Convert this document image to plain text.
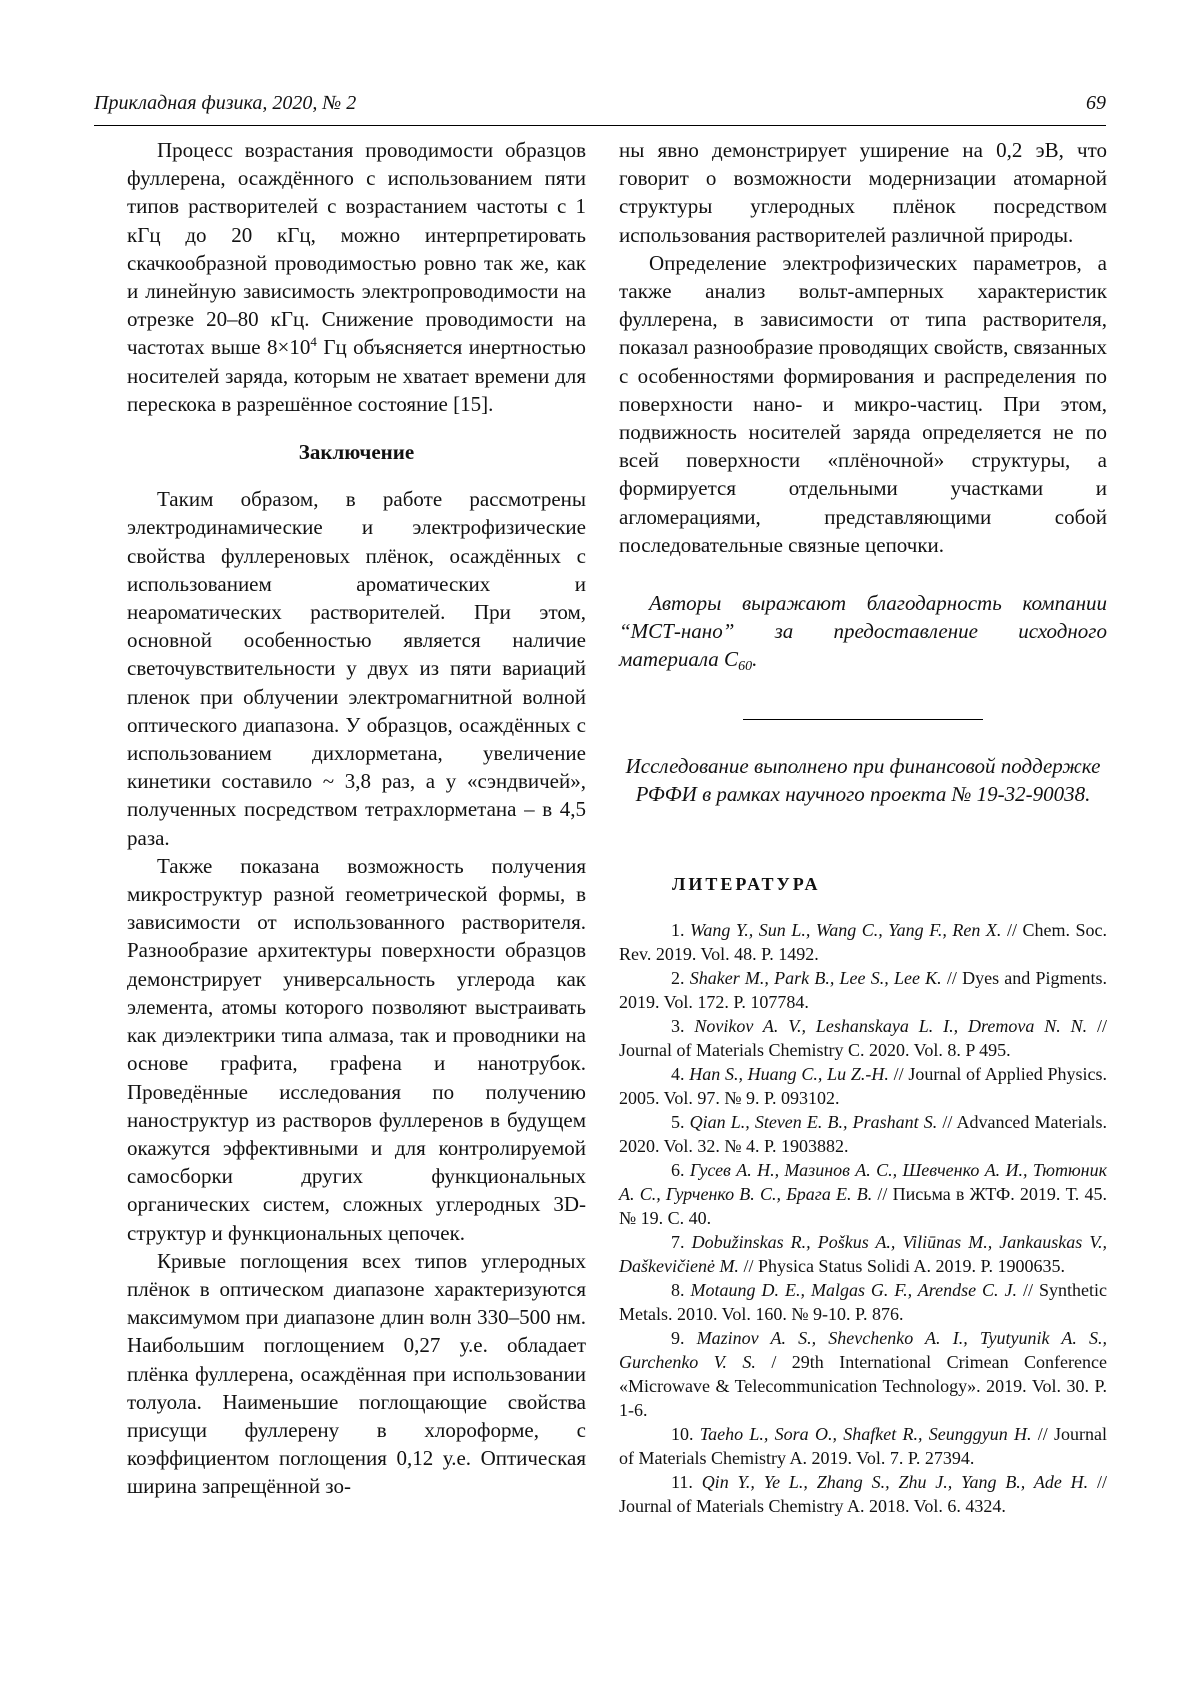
Прикладная физика, 2020, № 2	69

Процесс возрастания проводимости образцов фуллерена, осаждённого с использованием пяти типов растворителей с возрастанием частоты с 1 кГц до 20 кГц, можно интерпретировать скачкообразной проводимостью ровно так же, как и линейную зависимость электропроводимости на отрезке 20–80 кГц. Снижение проводимости на частотах выше $8\times 10^4$ Гц объясняется инертностью носителей заряда, которым не хватает времени для перескока в разрешённое состояние [15].

Заключение

Таким образом, в работе рассмотрены электродинамические и электрофизические свойства фуллереновых плёнок, осаждённых с использованием ароматических и неароматических растворителей. При этом, основной особенностью является наличие светочувствительности у двух из пяти вариаций пленок при облучении электромагнитной волной оптического диапазона. У образцов, осаждённых с использованием дихлорметана, увеличение кинетики составило ~ 3,8 раз, а у «сэндвичей», полученных посредством тетрахлорметана – в 4,5 раза.

Также показана возможность получения микроструктур разной геометрической формы, в зависимости от использованного растворителя. Разнообразие архитектуры поверхности образцов демонстрирует универсальность углерода как элемента, атомы которого позволяют выстраивать как диэлектрики типа алмаза, так и проводники на основе графита, графена и нанотрубок. Проведённые исследования по получению наноструктур из растворов фуллеренов в будущем окажутся эффективными и для контролируемой самосборки других функциональных органических систем, сложных углеродных 3D-структур и функциональных цепочек.

Кривые поглощения всех типов углеродных плёнок в оптическом диапазоне характеризуются максимумом при диапазоне длин волн 330–500 нм. Наибольшим поглощением 0,27 у.е. обладает плёнка фуллерена, осаждённая при использовании толуола. Наименьшие поглощающие свойства присущи фуллерену в хлороформе, с коэффициентом поглощения 0,12 у.е. Оптическая ширина запрещённой зо-

ны явно демонстрирует уширение на 0,2 эВ, что говорит о возможности модернизации атомарной структуры углеродных плёнок посредством использования растворителей различной природы.

Определение электрофизических параметров, а также анализ вольт-амперных характеристик фуллерена, в зависимости от типа растворителя, показал разнообразие проводящих свойств, связанных с особенностями формирования и распределения по поверхности нано- и микро-частиц. При этом, подвижность носителей заряда определяется не по всей поверхности «плёночной» структуры, а формируется отдельными участками и агломерациями, представляющими собой последовательные связные цепочки.

Авторы выражают благодарность компании “МСТ-нано” за предоставление исходного материала $С_{60}$.

Исследование выполнено при финансовой поддержке РФФИ в рамках научного проекта № 19-32-90038.

ЛИТЕРАТУРА

1. Wang Y., Sun L., Wang C., Yang F., Ren X. // Chem. Soc. Rev. 2019. Vol. 48. P. 1492.

2. Shaker M., Park B., Lee S., Lee K. // Dyes and Pigments. 2019. Vol. 172. P. 107784.

3. Novikov A. V., Leshanskaya L. I., Dremova N. N. // Journal of Materials Chemistry C. 2020. Vol. 8. P 495.

4. Han S., Huang C., Lu Z.-H. // Journal of Applied Physics. 2005. Vol. 97. № 9. P. 093102.

5. Qian L., Steven E. B., Prashant S. // Advanced Materials. 2020. Vol. 32. № 4. P. 1903882.

6. Гусев А. Н., Мазинов А. С., Шевченко А. И., Тютюник А. С., Гурченко В. С., Брага Е. В. // Письма в ЖТФ. 2019. Т. 45. № 19. С. 40.

7. Dobužinskas R., Poškus A., Viliūnas M., Jankauskas V., Daškevičienė M. // Physica Status Solidi A. 2019. P. 1900635.

8. Motaung D. E., Malgas G. F., Arendse C. J. // Synthetic Metals. 2010. Vol. 160. № 9-10. P. 876.

9. Mazinov A. S., Shevchenko A. I., Tyutyunik A. S., Gurchenko V. S. / 29th International Crimean Conference «Microwave & Telecommunication Technology». 2019. Vol. 30. P. 1-6.

10. Taeho L., Sora O., Shafket R., Seunggyun H. // Journal of Materials Chemistry A. 2019. Vol. 7. P. 27394.

11. Qin Y., Ye L., Zhang S., Zhu J., Yang B., Ade H. // Journal of Materials Chemistry A. 2018. Vol. 6. 4324.
